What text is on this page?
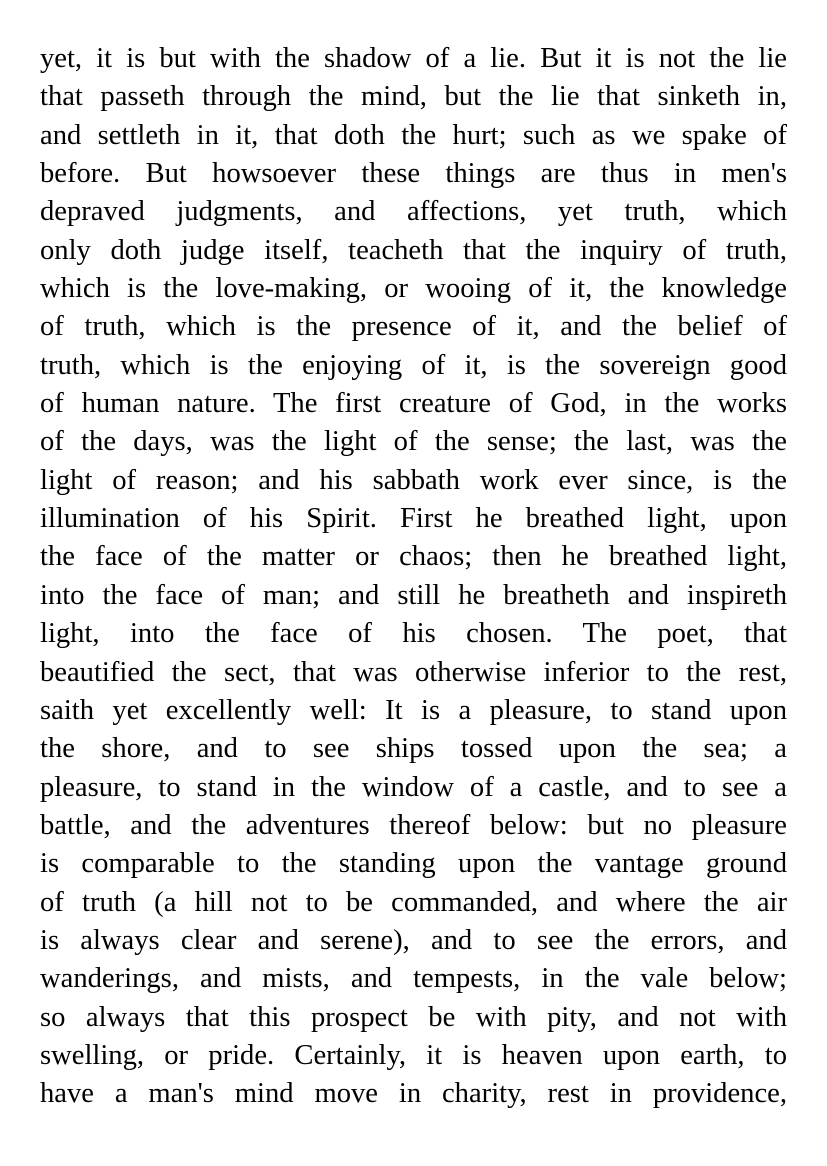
yet, it is but with the shadow of a lie. But it is not the lie
that passeth through the mind, but the lie that sinketh in,
and settleth in it, that doth the hurt; such as we spake of
before. But howsoever these things are thus in men's
depraved judgments, and affections, yet truth, which
only doth judge itself, teacheth that the inquiry of truth,
which is the love-making, or wooing of it, the knowledge
of truth, which is the presence of it, and the belief of
truth, which is the enjoying of it, is the sovereign good
of human nature. The first creature of God, in the works
of the days, was the light of the sense; the last, was the
light of reason; and his sabbath work ever since, is the
illumination of his Spirit. First he breathed light, upon
the face of the matter or chaos; then he breathed light,
into the face of man; and still he breatheth and inspireth
light, into the face of his chosen. The poet, that
beautified the sect, that was otherwise inferior to the rest,
saith yet excellently well: It is a pleasure, to stand upon
the shore, and to see ships tossed upon the sea; a
pleasure, to stand in the window of a castle, and to see a
battle, and the adventures thereof below: but no pleasure
is comparable to the standing upon the vantage ground
of truth (a hill not to be commanded, and where the air
is always clear and serene), and to see the errors, and
wanderings, and mists, and tempests, in the vale below;
so always that this prospect be with pity, and not with
swelling, or pride. Certainly, it is heaven upon earth, to
have a man's mind move in charity, rest in providence,
